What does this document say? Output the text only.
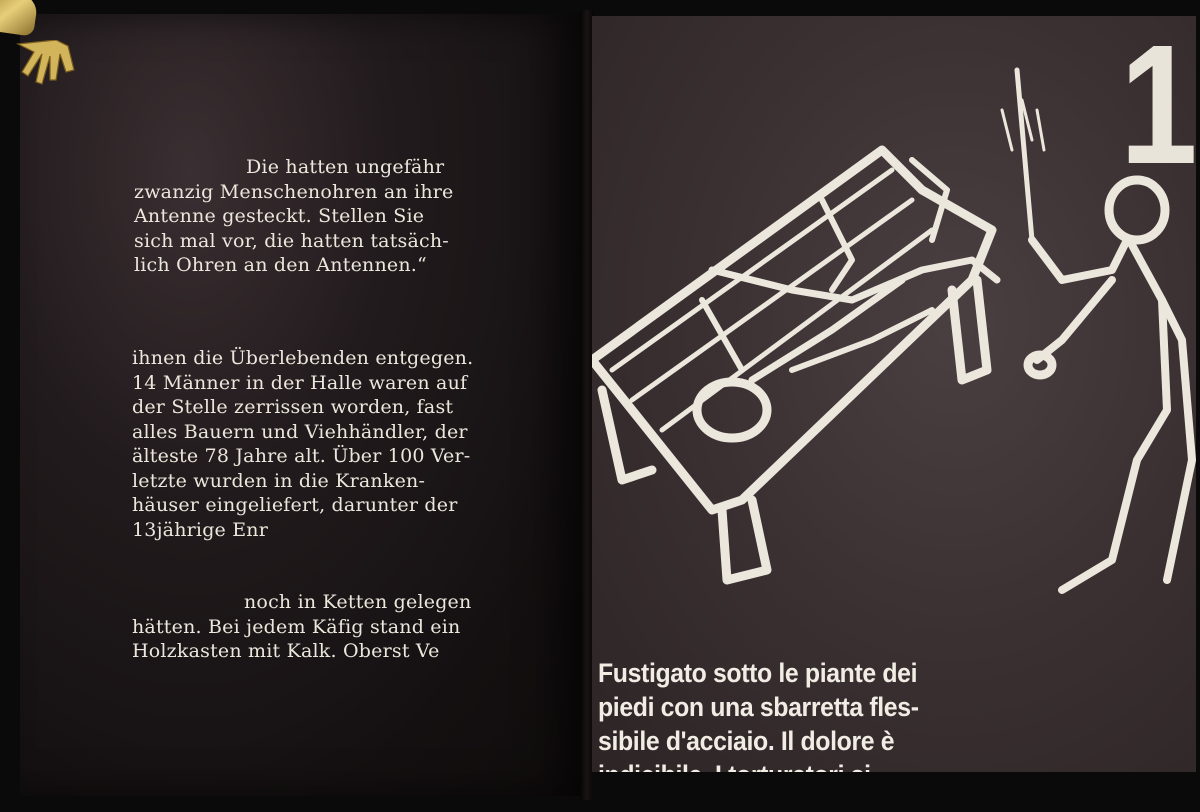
Die hatten ungefähr

zwanzig Menschenohren an ihre

Antenne gesteckt. Stellen Sie

sich mal vor, die hatten tatsäch-

lich Ohren an den Antennen.“

ihnen die Überlebenden entgegen.

14 Männer in der Halle waren auf

der Stelle zerrissen worden, fast

alles Bauern und Viehhändler, der

älteste 78 Jahre alt. Über 100 Ver-

letzte wurden in die Kranken-

häuser eingeliefert, darunter der

13jährige Enr

noch in Ketten gelegen

hätten. Bei jedem Käfig stand ein

Holzkasten mit Kalk. Oberst Ve

1
Fustigato sotto le piante dei
piedi con una sbarretta fles-
sibile d'acciaio. Il dolore è
